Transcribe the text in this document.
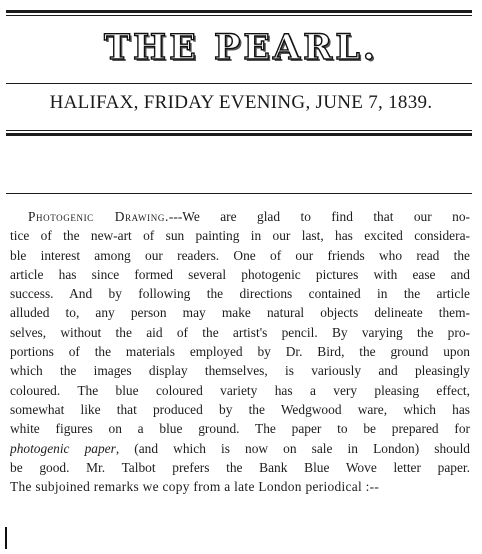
THE PEARL.
HALIFAX, FRIDAY EVENING, JUNE 7, 1839.
Photogenic Drawing.---We are glad to find that our no-
tice of the new-art of sun painting in our last, has excited considera-
ble interest among our readers. One of our friends who read the
article has since formed several photogenic pictures with ease and
success. And by following the directions contained in the article
alluded to, any person may make natural objects delineate them-
selves, without the aid of the artist's pencil. By varying the pro-
portions of the materials employed by Dr. Bird, the ground upon
which the images display themselves, is variously and pleasingly
coloured. The blue coloured variety has a very pleasing effect,
somewhat like that produced by the Wedgwood ware, which has
white figures on a blue ground. The paper to be prepared for
photogenic paper, (and which is now on sale in London) should
be good. Mr. Talbot prefers the Bank Blue Wove letter paper.
The subjoined remarks we copy from a late London periodical :--
